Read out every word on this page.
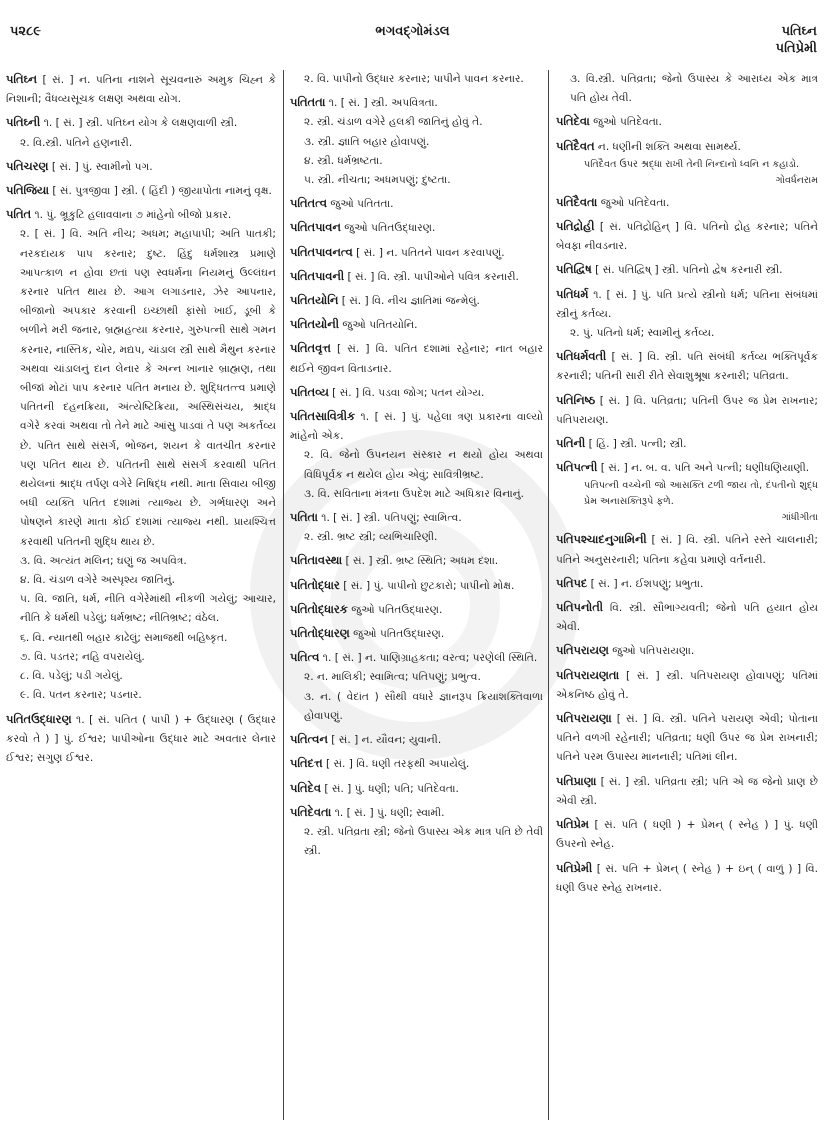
પ૨૮૯	ભગવદ્ગોમંડલ	પતિઘ્ન
પતિપ્રેમી
પતિઘ્ન [ સં. ] ન. પતિના નાશને સૂચવનારું અમુક ચિહ્ન કે નિશાની; વૈધવ્યસૂચક લક્ષણ અથવા યોગ.
પતિઘ્ની ૧. [ સં. ] સ્ત્રી. પતિઘ્ન યોગ કે લક્ષણવાળી સ્ત્રી.
૨. વિ.સ્ત્રી. પતિને હણનારી.
પતિચરણ [ સં. ] પું. સ્વામીનો પગ.
પતિજિયા [ સં. પુત્રજીવા ] સ્ત્રી. ( હિંદી ) જીયાપોતા નામનું વૃક્ષ.
પતિત ૧. પું. ભ્રૂકુટિ હલાવવાના ૭ માંહેનો બીજો પ્રકાર.
૨. [ સં. ] વિ. અતિ નીચ; અધમ; મહાપાપી; અતિ પાતકી; નરકદાયક પાપ કરનાર; દુષ્ટ. હિંદુ ધર્મશાસ્ત્ર પ્રમાણે આપત્કાળ ન હોવા છતાં પણ સ્વધર્મના નિયમનું ઉલ્લંઘન કરનાર પતિત થાય છે. આગ લગાડનાર, ઝેર આપનાર, બીજાનો અપકાર કરવાની ઇચ્છાથી ફાંસો ખાઈ, ડૂબી કે બળીને મરી જનાર, બ્રહ્મહત્યા કરનાર, ગુરુપત્ની સાથે ગમન કરનાર, નાસ્તિક, ચોર, મદ્યપ, ચાંડાલ સ્ત્રી સાથે મૈથુન કરનાર અથવા ચાંડાલનું દાન લેનાર કે અન્ન ખાનાર બ્રાહ્મણ, તથા બીજાં મોટાં પાપ કરનાર પતિત મનાય છે. શુદ્ધિતત્ત્વ પ્રમાણે પતિતની દહનક્રિયા, અંત્યેષ્ટિક્રિયા, અસ્થિસંચય, શ્રાદ્ધ વગેરે કરવાં અથવા તો તેને માટે આંસુ પાડવાં તે પણ અકર્તવ્ય છે. પતિત સાથે સંસર્ગ, ભોજન, શયન કે વાતચીત કરનાર પણ પતિત થાય છે. પતિતની સાથે સંસર્ગ કરવાથી પતિત થયેલનાં શ્રાદ્ધ તર્પણ વગેરે નિષિદ્ધ નથી. માતા સિવાય બીજી બધી વ્યક્તિ પતિત દશામાં ત્યાજ્ય છે. ગર્ભધારણ અને પોષણને કારણે માતા કોઈ દશામાં ત્યાજ્ય નથી. પ્રાયશ્ચિત્ત કરવાથી પતિતની શુદ્ધિ થાય છે.
૩. વિ. અત્યંત મલિન; ઘણું જ અપવિત્ર.
૪. વિ. ચંડાળ વગેરે અસ્પૃશ્ય જાતિનું.
૫. વિ. જાતિ, ધર્મ, નીતિ વગેરેમાંથી નીકળી ગયેલું; આચાર, નીતિ કે ધર્મથી પડેલું; ધર્મભ્રષ્ટ; નીતિભ્રષ્ટ; વંઠેલ.
૬. વિ. ન્યાતથી બહાર કાઢેલું; સમાજથી બહિષ્કૃત.
૭. વિ. પડતર; નહિ વપરાયેલું.
૮. વિ. પડેલું; પડી ગયેલું.
૯. વિ. પતન કરનાર; પડનાર.
પતિતઉદ્ધારણ ૧. [ સં. પતિત ( પાપી ) + ઉદ્ધારણ ( ઉદ્ધાર કરવો તે ) ] પું. ઈશ્વર; પાપીઓના ઉદ્ધાર માટે અવતાર લેનાર ઈશ્વર; સગુણ ઈશ્વર.
૨. વિ. પાપીનો ઉદ્ધાર કરનાર; પાપીને પાવન કરનાર.
પતિતતા ૧. [ સં. ] સ્ત્રી. અપવિત્રતા.
૨. સ્ત્રી. ચંડાળ વગેરે હલકી જાતિનું હોવું તે.
૩. સ્ત્રી. જ્ઞાતિ બહાર હોવાપણું.
૪. સ્ત્રી. ધર્મભ્રષ્ટતા.
૫. સ્ત્રી. નીચતા; અધમપણું; દુષ્ટતા.
પતિતત્વ જુઓ પતિતતા.
પતિતપાવન જુઓ પતિતઉદ્ધારણ.
પતિતપાવનત્વ [ સં. ] ન. પતિતને પાવન કરવાપણું.
પતિતપાવની [ સં. ] વિ. સ્ત્રી. પાપીઓને પવિત્ર કરનારી.
પતિતયોનિ [ સં. ] વિ. નીચ જ્ઞાતિમાં જન્મેલું.
પતિતયોની જુઓ પતિતયોનિ.
પતિતવૃત્ત [ સં. ] વિ. પતિત દશામાં રહેનાર; નાત બહાર થઈને જીવન વિતાડનાર.
પતિતવ્ય [ સં. ] વિ. પડવા જોગ; પતન યોગ્ય.
પતિતસાવિત્રીક ૧. [ સં. ] પું. પહેલા ત્રણ પ્રકારના વાલ્યો માંહેનો એક.
૨. વિ. જેનો ઉપનયન સંસ્કાર ન થયો હોય અથવા વિધિપૂર્વક ન થયેલ હોય એવું; સાવિત્રીભ્રષ્ટ.
૩. વિ. સવિતાના મંત્રના ઉપદેશ માટે અધિકાર વિનાનું.
પતિતા ૧. [ સં. ] સ્ત્રી. પતિપણું; સ્વામિત્વ.
૨. સ્ત્રી. ભ્રષ્ટ સ્ત્રી; વ્યભિચારિણી.
પતિતાવસ્થા [ સં. ] સ્ત્રી. ભ્રષ્ટ સ્થિતિ; અધમ દશા.
પતિતોદ્ધાર [ સં. ] પું. પાપીનો છુટકારો; પાપીનો મોક્ષ.
પતિતોદ્ધારક જુઓ પતિતઉદ્ધારણ.
પતિતોદ્ધારણ જુઓ પતિતઉદ્ધારણ.
પતિત્વ ૧. [ સં. ] ન. પાણિગ્રાહકતા; વરત્વ; પરણેલી સ્થિતિ.
૨. ન. માલિકી; સ્વામિત્વ; પતિપણું; પ્રભુત્વ.
૩. ન. ( વેદાંત ) સૌથી વધારે જ્ઞાનરૂપ ક્રિયાશક્તિવાળા હોવાપણું.
પતિત્વન [ સં. ] ન. યૌવન; યુવાની.
પતિદત્ત [ સં. ] વિ. ધણી તરફથી અપાયેલું.
પતિદેવ [ સં. ] પું. ધણી; પતિ; પતિદેવતા.
પતિદેવતા ૧. [ સં. ] પું. ધણી; સ્વામી.
૨. સ્ત્રી. પતિવ્રતા સ્ત્રી; જેનો ઉપાસ્ય એક માત્ર પતિ છે તેવી સ્ત્રી.
૩. વિ.સ્ત્રી. પતિવ્રતા; જેનો ઉપાસ્ય કે આરાધ્ય એક માત્ર પતિ હોય તેવી.
પતિદેવા જુઓ પતિદેવતા.
પતિદૈવત ન. ધણીની શક્તિ અથવા સામર્થ્ય.
પતિદૈવત ઉપર શ્રદ્ધા રાખી તેની નિન્દાનો ધ્વનિ ન કહાડો.
ગોવર્ધનરામ
પતિદૈવતા જુઓ પતિદેવતા.
પતિદ્રોહી [ સં. પતિદ્રોહિન્ ] વિ. પતિનો દ્રોહ કરનાર; પતિને બેવફા નીવડનાર.
પતિદ્વિષ [ સં. પતિદ્વિષ્ ] સ્ત્રી. પતિનો દ્વેષ કરનારી સ્ત્રી.
પતિધર્મ ૧. [ સં. ] પું. પતિ પ્રત્યે સ્ત્રીનો ધર્મ; પતિના સંબંધમાં સ્ત્રીનું કર્તવ્ય.
૨. પું. પતિનો ધર્મ; સ્વામીનું કર્તવ્ય.
પતિધર્મવતી [ સં. ] વિ. સ્ત્રી. પતિ સંબંધી કર્તવ્ય ભક્તિપૂર્વક કરનારી; પતિની સારી રીતે સેવાશુશ્રૂષા કરનારી; પતિવ્રતા.
પતિનિષ્ઠ [ સં. ] વિ. પતિવ્રતા; પતિની ઉપર જ પ્રેમ રાખનાર; પતિપરાયણ.
પતિની [ હિં. ] સ્ત્રી. પત્ની; સ્ત્રી.
પતિપત્ની [ સં. ] ન. બ. વ. પતિ અને પત્ની; ધણીધણિયાણી.
પતિપત્ની વચ્ચેની જો આસક્તિ ટળી જાય તો, દંપતીનો શુદ્ધ પ્રેમ અનાસક્તિરૂપે ફળે.
ગાંધીગીતા
પતિપશ્ચાદનુગામિની [ સં. ] વિ. સ્ત્રી. પતિને રસ્તે ચાલનારી; પતિને અનુસરનારી; પતિના કહેવા પ્રમાણે વર્તનારી.
પતિપદ [ સં. ] ન. ઈશપણું; પ્રભુતા.
પતિપનોતી વિ. સ્ત્રી. સૌભાગ્યવતી; જેનો પતિ હયાત હોય એવી.
પતિપરાયણ જુઓ પતિપરાયણા.
પતિપરાયણતા [ સં. ] સ્ત્રી. પતિપરાયણ હોવાપણું; પતિમાં એકનિષ્ઠ હોવું તે.
પતિપરાયણા [ સં. ] વિ. સ્ત્રી. પતિને પરાયણ એવી; પોતાના પતિને વળગી રહેનારી; પતિવ્રતા; ધણી ઉપર જ પ્રેમ રાખનારી; પતિને પરમ ઉપાસ્ય માનનારી; પતિમાં લીન.
પતિપ્રાણા [ સં. ] સ્ત્રી. પતિવ્રતા સ્ત્રી; પતિ એ જ જેનો પ્રાણ છે એવી સ્ત્રી.
પતિપ્રેમ [ સં. પતિ ( ધણી ) + પ્રેમન્ ( સ્નેહ ) ] પું. ધણી ઉપરનો સ્નેહ.
પતિપ્રેમી [ સં. પતિ + પ્રેમન્ ( સ્નેહ ) + ઇન્ ( વાળું ) ] વિ. ધણી ઉપર સ્નેહ રાખનાર.
